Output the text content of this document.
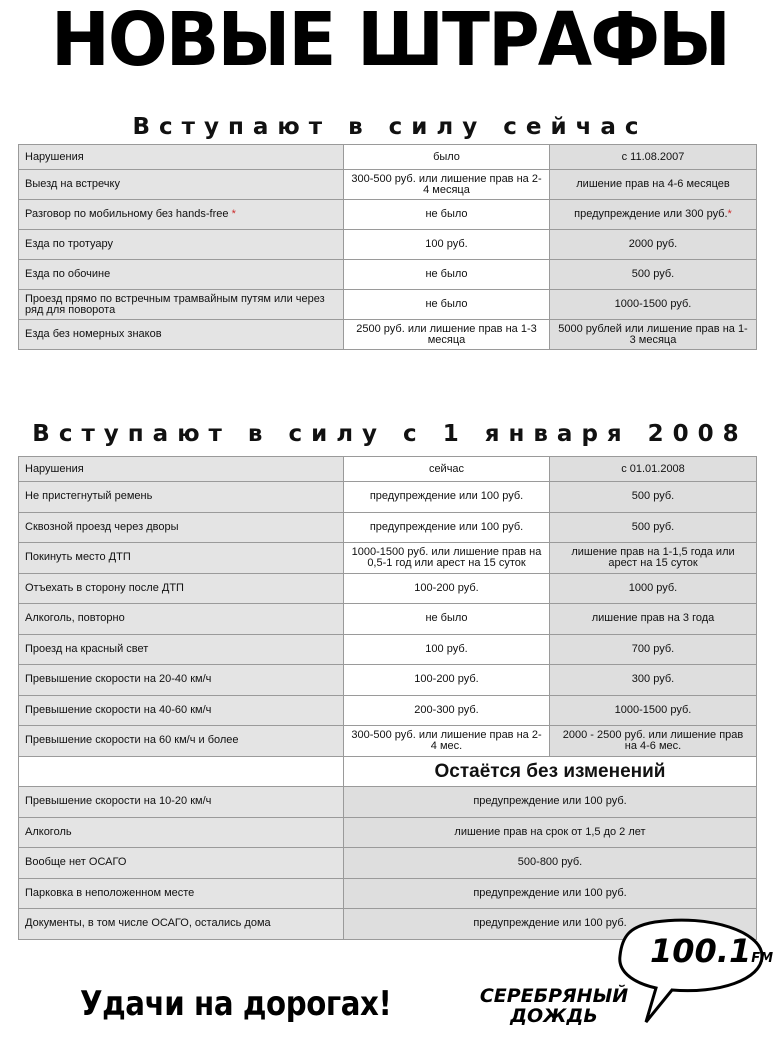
НОВЫЕ ШТРАФЫ
Вступают в силу сейчас
Нарушения	было	с 11.08.2007
Выезд на встречку	300-500 руб. или лишение прав на 2-4 месяца	лишение прав на 4-6 месяцев
Разговор по мобильному без hands-free *	не было	предупреждение или 300 руб.*
Езда по тротуару	100 руб.	2000 руб.
Езда по обочине	не было	500 руб.
Проезд прямо по встречным трамвайным путям или через ряд для поворота	не было	1000-1500 руб.
Езда без номерных знаков	2500 руб. или лишение прав на 1-3 месяца	5000 рублей или лишение прав на 1-3 месяца
Вступают в силу с 1 января 2008
Нарушения	сейчас	с 01.01.2008
Не пристегнутый ремень	предупреждение или 100 руб.	500 руб.
Сквозной проезд через дворы	предупреждение или 100 руб.	500 руб.
Покинуть место ДТП	1000-1500 руб. или лишение прав на 0,5-1 год или арест на 15 суток	лишение прав на 1-1,5 года или арест на 15 суток
Отъехать в сторону после ДТП	100-200 руб.	1000 руб.
Алкоголь, повторно	не было	лишение прав на 3 года
Проезд на красный свет	100 руб.	700 руб.
Превышение скорости на 20-40 км/ч	100-200 руб.	300 руб.
Превышение скорости на 40-60 км/ч	200-300 руб.	1000-1500 руб.
Превышение скорости на 60 км/ч и более	300-500 руб. или лишение прав на 2-4 мес.	2000 - 2500 руб. или лишение прав на 4-6 мес.
	Остаётся без изменений	
Превышение скорости на 10-20 км/ч	предупреждение или 100 руб.	
Алкоголь	лишение прав на срок от 1,5 до 2 лет	
Вообще нет ОСАГО	500-800 руб.	
Парковка в неположенном месте	предупреждение или 100 руб.	
Документы, в том числе ОСАГО, остались дома	предупреждение или 100 руб.	
Удачи на дорогах!
100.1FM
СЕРЕБРЯНЫЙ
ДОЖДЬ
